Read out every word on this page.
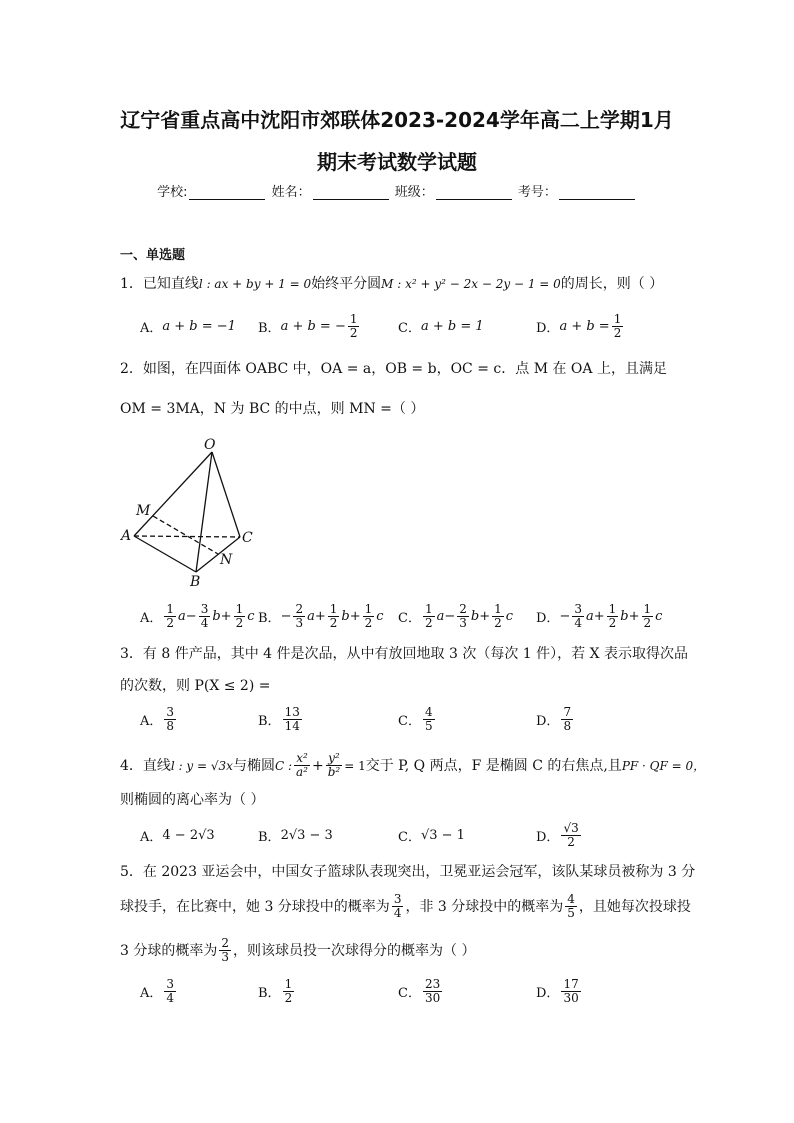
辽宁省重点高中沈阳市郊联体2023-2024学年高二上学期1月
期末考试数学试题
学校:	姓名：	班级：	考号：
一、单选题
1．已知直线l : ax + by + 1 = 0始终平分圆M : x² + y² − 2x − 2y − 1 = 0的周长，则（ ）
A． a + b = −1 B． a + b = − $\frac{1}{2}$	C． a + b = 1	D． $a + b = \frac{1}{2}$
2．如图，在四面体 OABC 中，OA = a，OB = b，OC = c．点 M 在 OA 上，且满足
OM = 3MA，N 为 BC 的中点，则 MN =（ ）
O
M
A	C
N
B
A．
1
2 a − 3
4 b + 1
2 c B． − 2
3 a + 1
2 b + 1
2 c C．
1
2 a − 2
3 b + 1
2 c D． − 3
4 a + 1
2 b + 1
2 c
3．有 8 件产品，其中 4 件是次品，从中有放回地取 3 次（每次 1 件），若 X 表示取得次品
的次数，则 P(X ≤ 2) =
A．
3
8	B．
13
14	C．
4
5	D．
7
8
4．直线 l : y = √3x 与椭圆 C :
x²
$a^2 + \frac{\text{y²}}{\text{b²}} = 1$ 交于 P, Q 两点，F 是椭圆 C 的右焦点,且 PF · QF = 0，
则椭圆的离心率为（ ）
A． 4 − 2√3	B． 2√3 − 3	C． √3 − 1	D．
√3
2
5．在 2023 亚运会中，中国女子篮球队表现突出，卫冕亚运会冠军，该队某球员被称为 3 分
球投手，在比赛中，她 3 分球投中的概率为 3
4 ，非 3 分球投中的概率为 4
5 ，且她每次投球投
3 分球的概率为 2
3 ，则该球员投一次球得分的概率为（ ）
A．
3
4	B．
1
2	C．
23
30	D．
17
30
